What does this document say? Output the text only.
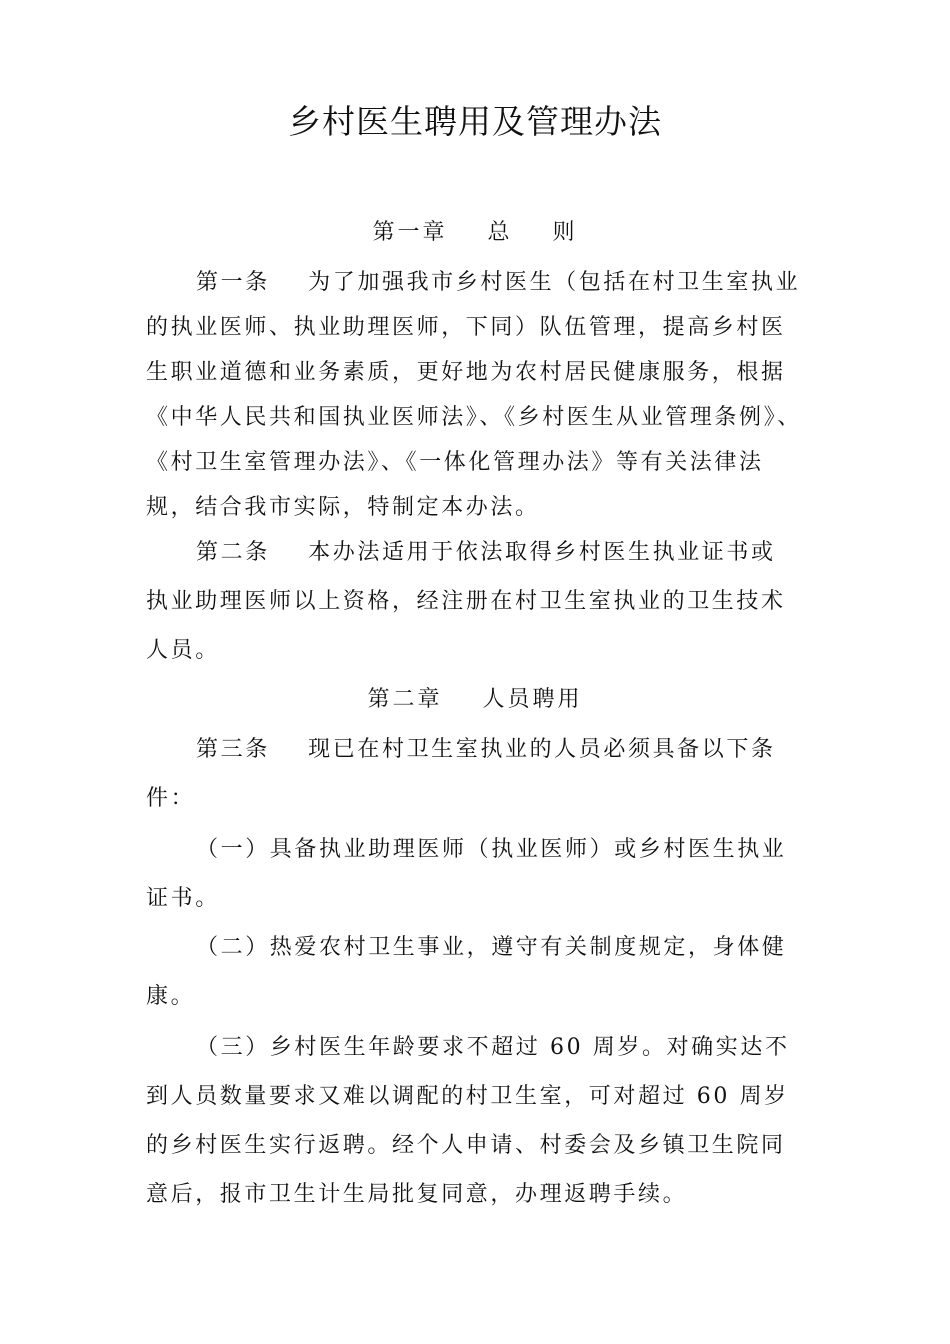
乡村医生聘用及管理办法
第一章    总    则

第一条    为了加强我市乡村医生（包括在村卫生室执业

的执业医师、执业助理医师，下同）队伍管理，提高乡村医

生职业道德和业务素质，更好地为农村居民健康服务，根据

《中华人民共和国执业医师法》、《乡村医生从业管理条例》、

《村卫生室管理办法》、《一体化管理办法》等有关法律法

规，结合我市实际，特制定本办法。

第二条    本办法适用于依法取得乡村医生执业证书或

执业助理医师以上资格，经注册在村卫生室执业的卫生技术

人员。

第二章    人员聘用

第三条    现已在村卫生室执业的人员必须具备以下条

件：

（一）具备执业助理医师（执业医师）或乡村医生执业

证书。

（二）热爱农村卫生事业，遵守有关制度规定，身体健

康。

（三）乡村医生年龄要求不超过 60 周岁。对确实达不

到人员数量要求又难以调配的村卫生室，可对超过 60 周岁

的乡村医生实行返聘。经个人申请、村委会及乡镇卫生院同

意后，报市卫生计生局批复同意，办理返聘手续。
